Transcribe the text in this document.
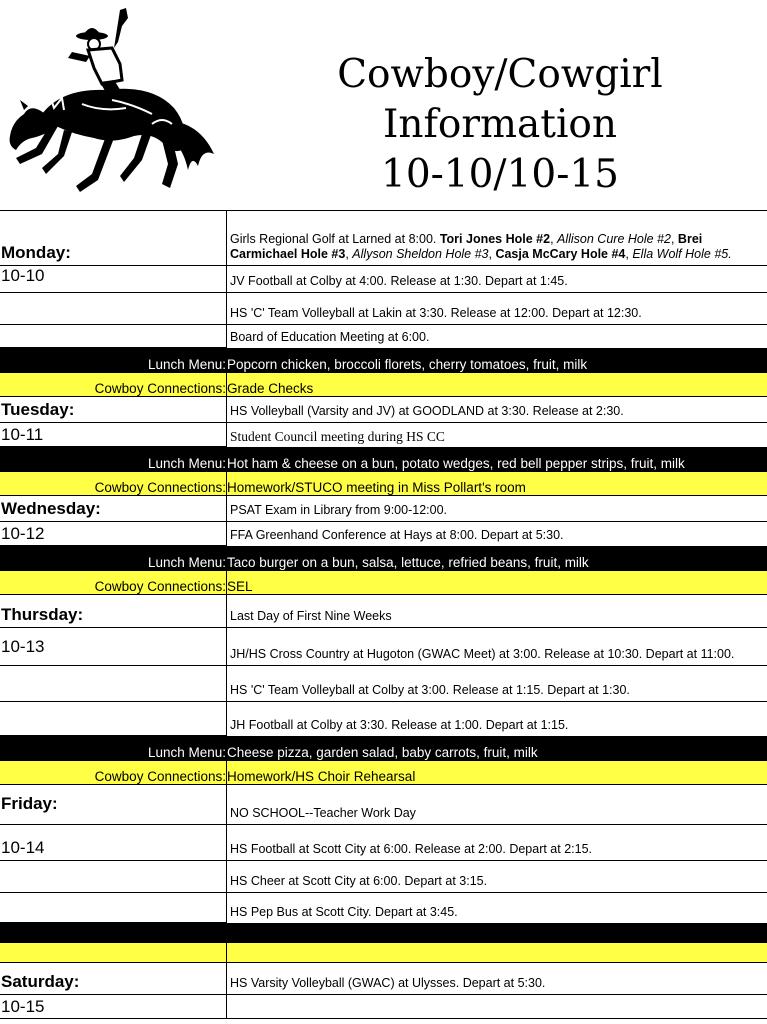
Cowboy/Cowgirl
Information
10-10/10-15
Monday:	Girls Regional Golf at Larned at 8:00. Tori Jones Hole #2, Allison Cure Hole #2, Brei Carmichael Hole #3, Allyson Sheldon Hole #3, Casja McCary Hole #4, Ella Wolf Hole #5.

10-10	JV Football at Colby at 4:00. Release at 1:30. Depart at 1:45.

	HS 'C' Team Volleyball at Lakin at 3:30. Release at 12:00. Depart at 12:30.

	Board of Education Meeting at 6:00.

Lunch Menu:	Popcorn chicken, broccoli florets, cherry tomatoes, fruit, milk
Cowboy Connections:	Grade Checks

Tuesday:	HS Volleyball (Varsity and JV) at GOODLAND at 3:30. Release at 2:30.

10-11	Student Council meeting during HS CC

Lunch Menu:	Hot ham & cheese on a bun, potato wedges, red bell pepper strips, fruit, milk
Cowboy Connections:	Homework/STUCO meeting in Miss Pollart's room

Wednesday:	PSAT Exam in Library from 9:00-12:00.

10-12	FFA Greenhand Conference at Hays at 8:00. Depart at 5:30.

Lunch Menu:	Taco burger on a bun, salsa, lettuce, refried beans, fruit, milk
Cowboy Connections:	SEL

Thursday:	Last Day of First Nine Weeks

10-13	JH/HS Cross Country at Hugoton (GWAC Meet) at 3:00. Release at 10:30. Depart at 11:00.

	HS 'C' Team Volleyball at Colby at 3:00. Release at 1:15. Depart at 1:30.

	JH Football at Colby at 3:30. Release at 1:00. Depart at 1:15.

Lunch Menu:	Cheese pizza, garden salad, baby carrots, fruit, milk
Cowboy Connections:	Homework/HS Choir Rehearsal

Friday:	NO SCHOOL--Teacher Work Day

10-14	HS Football at Scott City at 6:00. Release at 2:00. Depart at 2:15.

	HS Cheer at Scott City at 6:00. Depart at 3:15.

	HS Pep Bus at Scott City. Depart at 3:45.

Saturday:	HS Varsity Volleyball (GWAC) at Ulysses. Depart at 5:30.

10-15	
